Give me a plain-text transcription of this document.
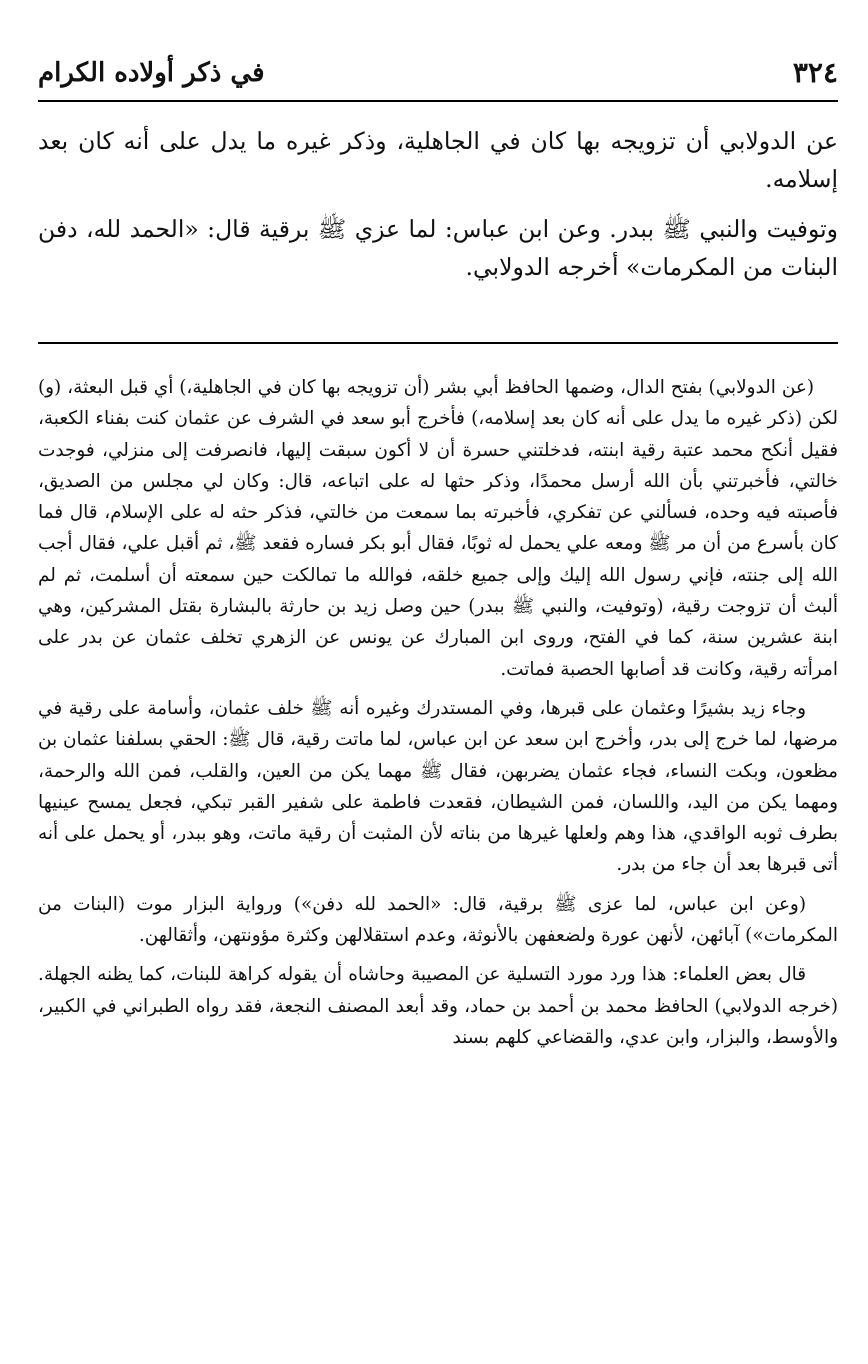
٣٢٤
في ذكر أولاده الكرام

عن الدولابي أن تزويجه بها كان في الجاهلية، وذكر غيره ما يدل على أنه كان بعد إسلامه.

وتوفيت والنبي ﷺ ببدر. وعن ابن عباس: لما عزي ﷺ برقية قال: «الحمد لله، دفن البنات من المكرمات» أخرجه الدولابي.

(عن الدولابي) بفتح الدال، وضمها الحافظ أبي بشر (أن تزويجه بها كان في الجاهلية،) أي قبل البعثة، (و) لكن (ذكر غيره ما يدل على أنه كان بعد إسلامه،) فأخرج أبو سعد في الشرف عن عثمان كنت بفناء الكعبة، فقيل أنكح محمد عتبة رقية ابنته، فدخلتني حسرة أن لا أكون سبقت إليها، فانصرفت إلى منزلي، فوجدت خالتي، فأخبرتني بأن الله أرسل محمدًا، وذكر حثها له على اتباعه، قال: وكان لي مجلس من الصديق، فأصبته فيه وحده، فسألني عن تفكري، فأخبرته بما سمعت من خالتي، فذكر حثه له على الإسلام، قال فما كان بأسرع من أن مر ﷺ ومعه علي يحمل له ثوبًا، فقال أبو بكر فساره فقعد ﷺ، ثم أقبل علي، فقال أجب الله إلى جنته، فإني رسول الله إليك وإلى جميع خلقه، فوالله ما تمالكت حين سمعته أن أسلمت، ثم لم ألبث أن تزوجت رقية، (وتوفيت، والنبي ﷺ ببدر) حين وصل زيد بن حارثة بالبشارة بقتل المشركين، وهي ابنة عشرين سنة، كما في الفتح، وروى ابن المبارك عن يونس عن الزهري تخلف عثمان عن بدر على امرأته رقية، وكانت قد أصابها الحصبة فماتت.

وجاء زيد بشيرًا وعثمان على قبرها، وفي المستدرك وغيره أنه ﷺ خلف عثمان، وأسامة على رقية في مرضها، لما خرج إلى بدر، وأخرج ابن سعد عن ابن عباس، لما ماتت رقية، قال ﷺ: الحقي بسلفنا عثمان بن مظعون، وبكت النساء، فجاء عثمان يضربهن، فقال ﷺ مهما يكن من العين، والقلب، فمن الله والرحمة، ومهما يكن من اليد، واللسان، فمن الشيطان، فقعدت فاطمة على شفير القبر تبكي، فجعل يمسح عينيها بطرف ثوبه الواقدي، هذا وهم ولعلها غيرها من بناته لأن المثبت أن رقية ماتت، وهو ببدر، أو يحمل على أنه أتى قبرها بعد أن جاء من بدر.

(وعن ابن عباس، لما عزى ﷺ برقية، قال: «الحمد لله دفن») ورواية البزار موت (البنات من المكرمات») آبائهن، لأنهن عورة ولضعفهن بالأنوثة، وعدم استقلالهن وكثرة مؤونتهن، وأثقالهن.

قال بعض العلماء: هذا ورد مورد التسلية عن المصيبة وحاشاه أن يقوله كراهة للبنات، كما يظنه الجهلة. (خرجه الدولابي) الحافظ محمد بن أحمد بن حماد، وقد أبعد المصنف النجعة، فقد رواه الطبراني في الكبير، والأوسط، والبزار، وابن عدي، والقضاعي كلهم بسند
